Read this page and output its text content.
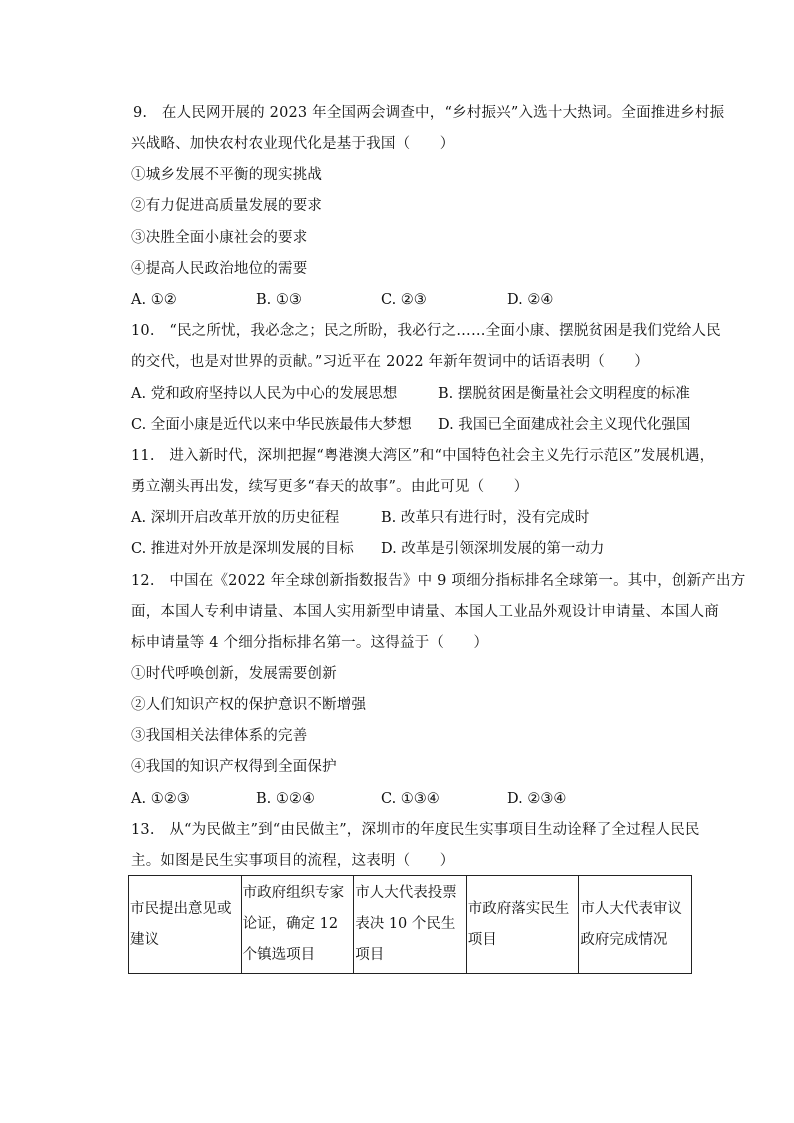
9.　在人民网开展的 2023 年全国两会调查中，“乡村振兴”入选十大热词。全面推进乡村振
兴战略、加快农村农业现代化是基于我国（　　）
①城乡发展不平衡的现实挑战
②有力促进高质量发展的要求
③决胜全面小康社会的要求
④提高人民政治地位的需要
A. ①②	B. ①③	C. ②③	D. ②④
10.　“民之所忧，我必念之；民之所盼，我必行之……全面小康、摆脱贫困是我们党给人民
的交代，也是对世界的贡献。”习近平在 2022 年新年贺词中的话语表明（　　）
A. 党和政府坚持以人民为中心的发展思想	B. 摆脱贫困是衡量社会文明程度的标准
C. 全面小康是近代以来中华民族最伟大梦想 D. 我国已全面建成社会主义现代化强国
11.　进入新时代，深圳把握“粤港澳大湾区”和“中国特色社会主义先行示范区”发展机遇，
勇立潮头再出发，续写更多“春天的故事”。由此可见（　　）
A. 深圳开启改革开放的历史征程	B. 改革只有进行时，没有完成时
C. 推进对外开放是深圳发展的目标 D. 改革是引领深圳发展的第一动力
12.　中国在《2022 年全球创新指数报告》中 9 项细分指标排名全球第一。其中，创新产出方
面，本国人专利申请量、本国人实用新型申请量、本国人工业品外观设计申请量、本国人商
标申请量等 4 个细分指标排名第一。这得益于（　　）
①时代呼唤创新，发展需要创新
②人们知识产权的保护意识不断增强
③我国相关法律体系的完善
④我国的知识产权得到全面保护
A. ①②③	B. ①②④	C. ①③④	D. ②③④
13.　从“为民做主”到“由民做主”，深圳市的年度民生实事项目生动诠释了全过程人民民
主。如图是民生实事项目的流程，这表明（　　）
市民提出意见或建议	市政府组织专家论证，确定 12 个镇选项目	市人大代表投票表决 10 个民生项目	市政府落实民生项目	市人大代表审议政府完成情况
